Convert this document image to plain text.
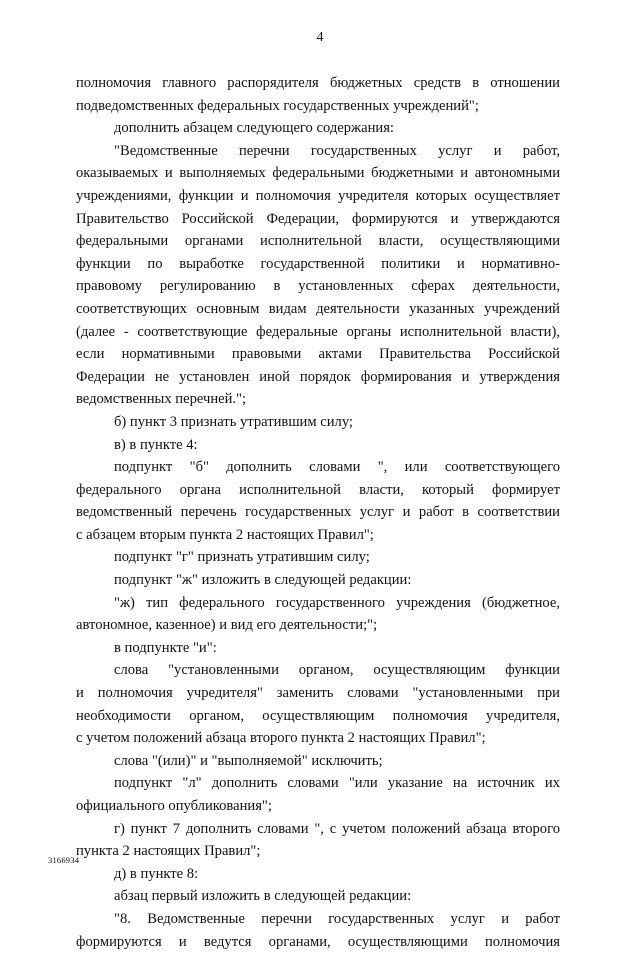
4
полномочия главного распорядителя бюджетных средств в отношении
подведомственных федеральных государственных учреждений";
дополнить абзацем следующего содержания:
"Ведомственные перечни государственных услуг и работ,
оказываемых и выполняемых федеральными бюджетными и автономными
учреждениями, функции и полномочия учредителя которых осуществляет
Правительство Российской Федерации, формируются и утверждаются
федеральными органами исполнительной власти, осуществляющими
функции по выработке государственной политики и нормативно-
правовому регулированию в установленных сферах деятельности,
соответствующих основным видам деятельности указанных учреждений
(далее - соответствующие федеральные органы исполнительной власти),
если нормативными правовыми актами Правительства Российской
Федерации не установлен иной порядок формирования и утверждения
ведомственных перечней.";
б) пункт 3 признать утратившим силу;
в) в пункте 4:
подпункт "б" дополнить словами ", или соответствующего
федерального органа исполнительной власти, который формирует
ведомственный перечень государственных услуг и работ в соответствии
с абзацем вторым пункта 2 настоящих Правил";
подпункт "г" признать утратившим силу;
подпункт "ж" изложить в следующей редакции:
"ж) тип федерального государственного учреждения (бюджетное,
автономное, казенное) и вид его деятельности;";
в подпункте "и":
слова "установленными органом, осуществляющим функции
и полномочия учредителя" заменить словами "установленными при
необходимости органом, осуществляющим полномочия учредителя,
с учетом положений абзаца второго пункта 2 настоящих Правил";
слова "(или)" и "выполняемой" исключить;
подпункт "л" дополнить словами "или указание на источник их
официального опубликования";
г) пункт 7 дополнить словами ", с учетом положений абзаца второго
пункта 2 настоящих Правил";
д) в пункте 8:
абзац первый изложить в следующей редакции:
"8. Ведомственные перечни государственных услуг и работ
формируются и ведутся органами, осуществляющими полномочия
3166934
